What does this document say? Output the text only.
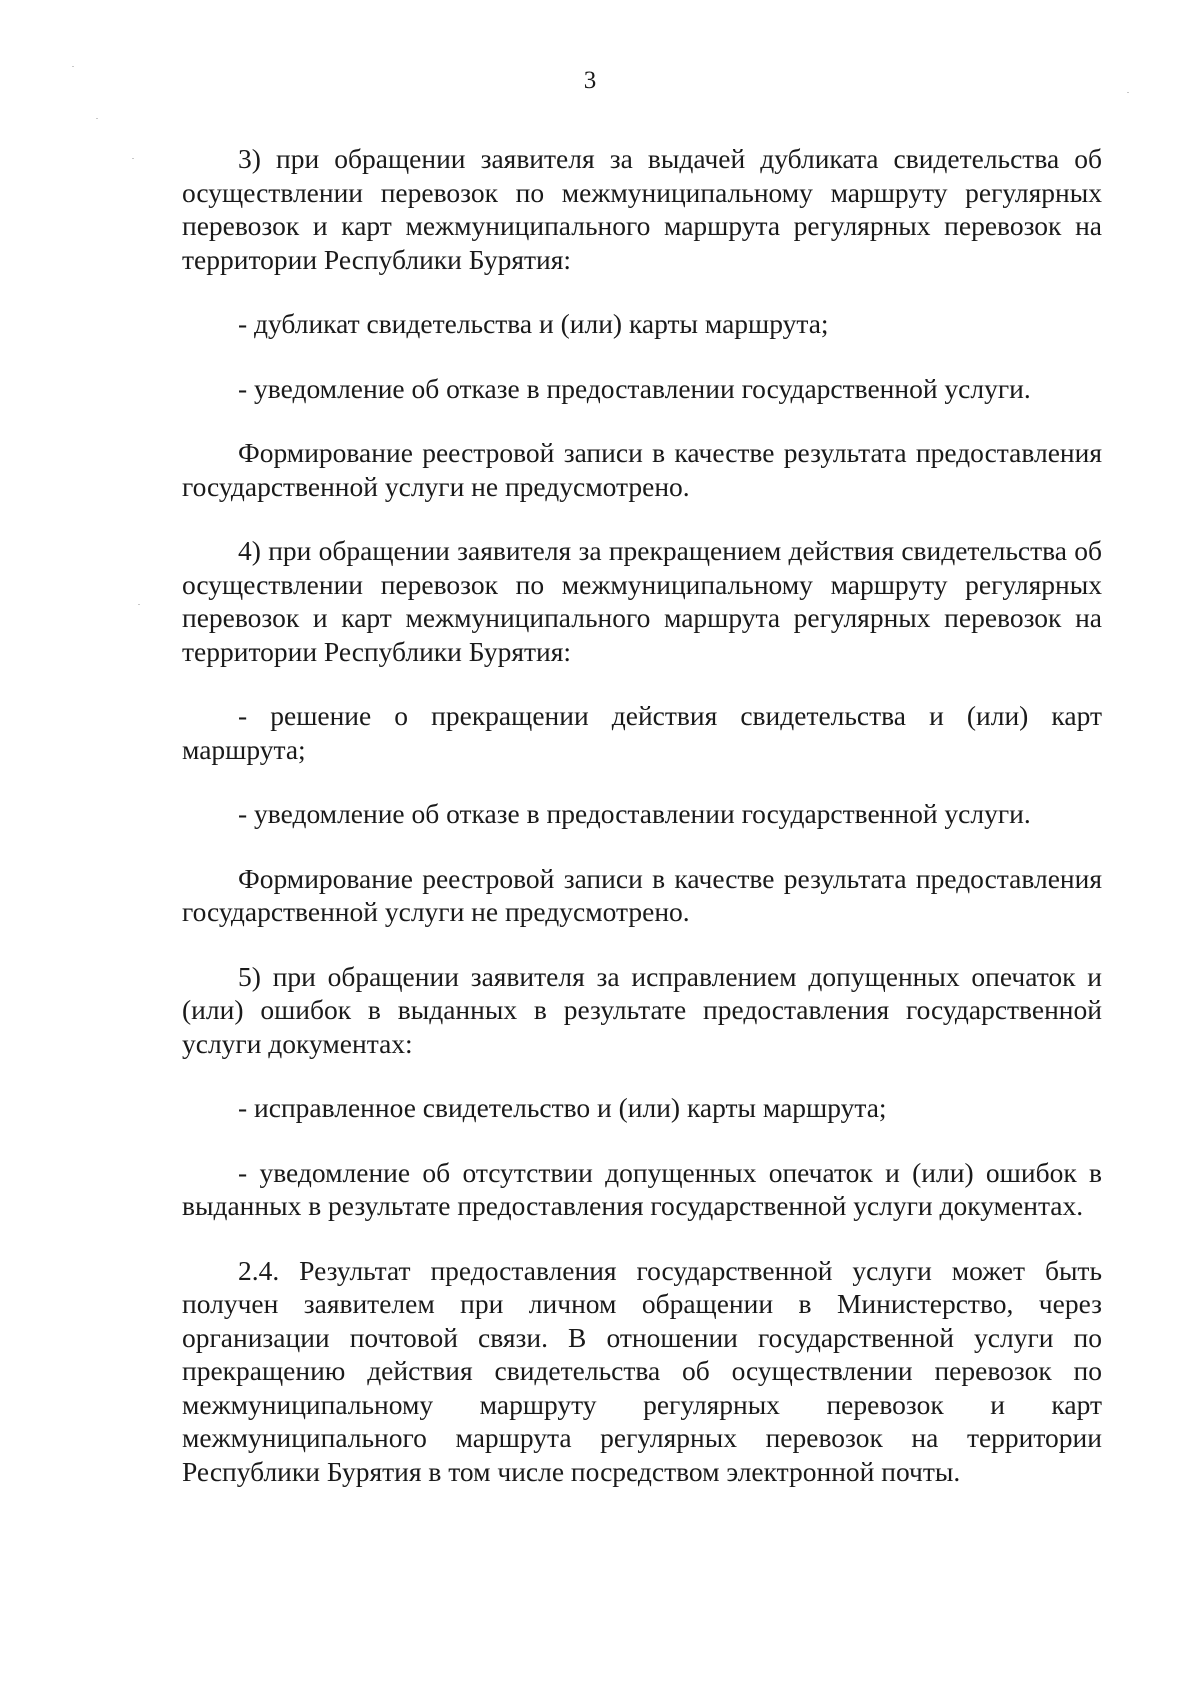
3

3) при обращении заявителя за выдачей дубликата свидетельства об осуществлении перевозок по межмуниципальному маршруту регулярных перевозок и карт межмуниципального маршрута регулярных перевозок на территории Республики Бурятия:

- дубликат свидетельства и (или) карты маршрута;

- уведомление об отказе в предоставлении государственной услуги.

Формирование реестровой записи в качестве результата предоставления государственной услуги не предусмотрено.

4) при обращении заявителя за прекращением действия свидетельства об осуществлении перевозок по межмуниципальному маршруту регулярных перевозок и карт межмуниципального маршрута регулярных перевозок на территории Республики Бурятия:

- решение о прекращении действия свидетельства и (или) карт маршрута;

- уведомление об отказе в предоставлении государственной услуги.

Формирование реестровой записи в качестве результата предоставления государственной услуги не предусмотрено.

5) при обращении заявителя за исправлением допущенных опечаток и (или) ошибок в выданных в результате предоставления государственной услуги документах:

- исправленное свидетельство и (или) карты маршрута;

- уведомление об отсутствии допущенных опечаток и (или) ошибок в выданных в результате предоставления государственной услуги документах.

2.4. Результат предоставления государственной услуги может быть получен заявителем при личном обращении в Министерство, через организации почтовой связи. В отношении государственной услуги по прекращению действия свидетельства об осуществлении перевозок по межмуниципальному маршруту регулярных перевозок и карт межмуниципального маршрута регулярных перевозок на территории Республики Бурятия в том числе посредством электронной почты.
